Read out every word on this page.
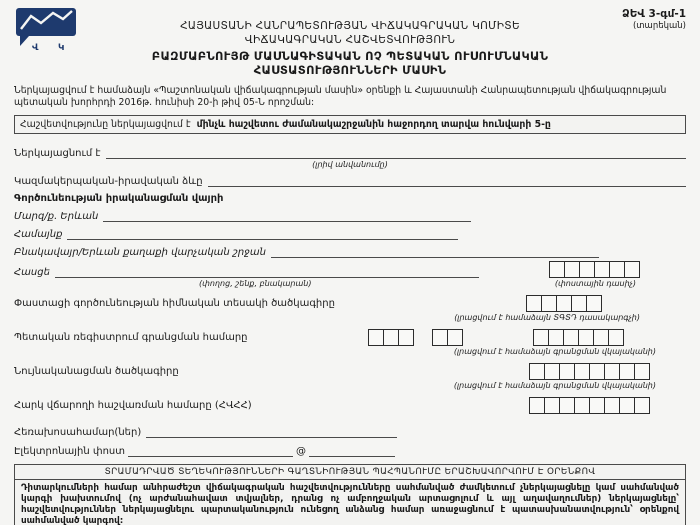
Վ Կ
ՁԵՎ 3-գմ-1
(տարեկան)
ՀԱՅԱՍՏԱՆԻ ՀԱՆՐԱՊԵՏՈՒԹՅԱՆ ՎԻՃԱԿԱԳՐԱԿԱՆ ԿՈՄԻՏԵ
ՎԻՃԱԿԱԳՐԱԿԱՆ ՀԱՇՎԵՏՎՈՒԹՅՈՒՆ
ԲԱԶՄԱԲՆՈՒՅԹ ՄԱՍՆԱԳԻՏԱԿԱՆ ՈՉ ՊԵՏԱԿԱՆ ՈՒՍՈՒՄՆԱԿԱՆ
ՀԱՍՏԱՏՈՒԹՅՈՒՆՆԵՐԻ ՄԱՍԻՆ

Ներկայացվում է համաձայն «Պաշտոնական վիճակագրության մասին» օրենքի և Հայաստանի Հանրապետության վիճակագրության պետական խորհրդի 2016թ. հունիսի 20-ի թիվ 05-Ն որոշման:

Հաշվետվությունը ներկայացվում է մինչև հաշվետու ժամանակաշրջանին հաջորդող տարվա հունվարի 5-ը
Ներկայացնում է
(լրիվ անվանումը)
Կազմակերպական-իրավական ձևը
Գործունեության իրականացման վայրի
Մարզ/ք. Երևան
Համայնք
Բնակավայր/Երևան քաղաքի վարչական շրջան
Հասցե
(փողոց, շենք, բնակարան)	(փոստային դասիչ)
Փաստացի գործունեության հիմնական տեսակի ծածկագիրը
(լրացվում է համաձայն ՏԳՏԴ դասակարգչի)
Պետական ռեգիստրում գրանցման համարը
(լրացվում է համաձայն գրանցման վկայականի)
Նույնականացման ծածկագիրը
(լրացվում է համաձայն գրանցման վկայականի)
Հարկ վճարողի հաշվառման համարը (ՀՎՀՀ)
Հեռախոսահամար(ներ)
Էլեկտրոնային փոստ	@
ՏՐԱՄԱԴՐՎԱԾ ՏԵՂԵԿՈՒԹՅՈՒՆՆԵՐԻ ԳԱՂՏՆԻՈՒԹՅԱՆ ՊԱՀՊԱՆՈՒՄԸ ԵՐԱՇԽԱՎՈՐՎՈՒՄ Է ՕՐԵՆՔՈՎ

Դիտարկումների համար անհրաժեշտ վիճակագրական հաշվետվությունները սահմանված ժամկետում չներկայացնելը կամ սահմանված կարգի խախտումով (ոչ արժանահավատ տվյալներ, դրանց ոչ ամբողջական արտացոլում և այլ աղավաղումներ) ներկայացնելը՝ հաշվետվություններ ներկայացնելու պարտականություն ունեցող անձանց համար առաջացնում է պատասխանատվություն՝ օրենքով սահմանված կարգով:
